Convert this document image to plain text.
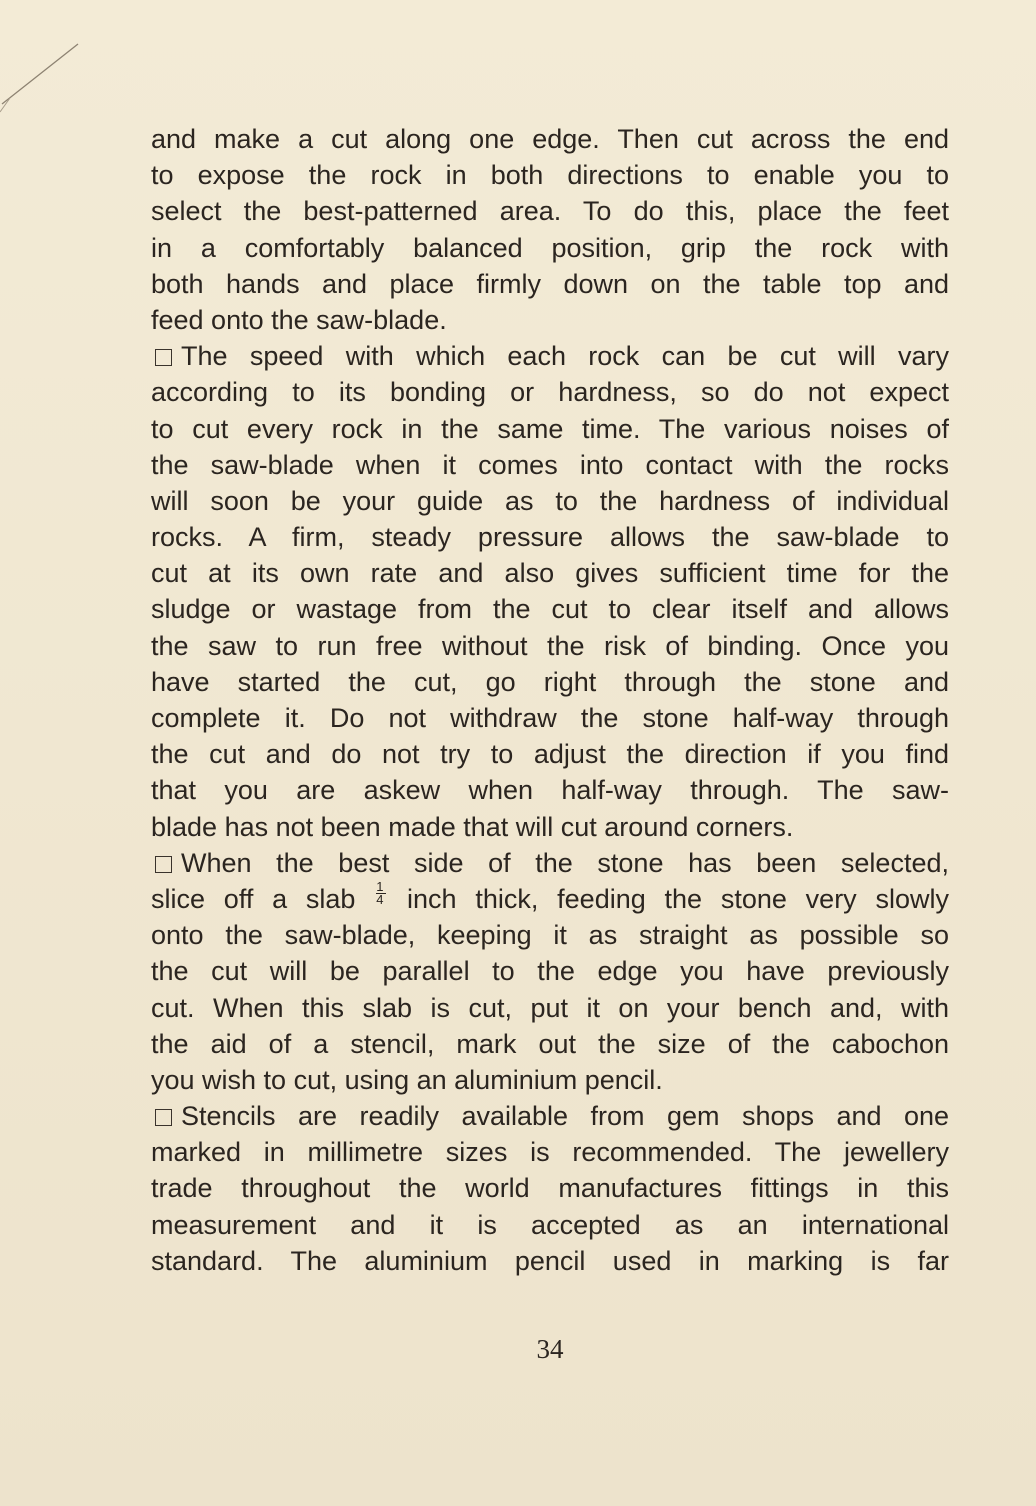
and make a cut along one edge. Then cut across the end
to expose the rock in both directions to enable you to
select the best-patterned area. To do this, place the feet
in a comfortably balanced position, grip the rock with
both hands and place firmly down on the table top and
feed onto the saw-blade.
The speed with which each rock can be cut will vary
according to its bonding or hardness, so do not expect
to cut every rock in the same time. The various noises of
the saw-blade when it comes into contact with the rocks
will soon be your guide as to the hardness of individual
rocks. A firm, steady pressure allows the saw-blade to
cut at its own rate and also gives sufficient time for the
sludge or wastage from the cut to clear itself and allows
the saw to run free without the risk of binding. Once you
have started the cut, go right through the stone and
complete it. Do not withdraw the stone half-way through
the cut and do not try to adjust the direction if you find
that you are askew when half-way through. The saw-
blade has not been made that will cut around corners.
When the best side of the stone has been selected,
slice off a slab $\frac{1}{4}$ inch thick, feeding the stone very slowly
onto the saw-blade, keeping it as straight as possible so
the cut will be parallel to the edge you have previously
cut. When this slab is cut, put it on your bench and, with
the aid of a stencil, mark out the size of the cabochon
you wish to cut, using an aluminium pencil.
Stencils are readily available from gem shops and one
marked in millimetre sizes is recommended. The jewellery
trade throughout the world manufactures fittings in this
measurement and it is accepted as an international
standard. The aluminium pencil used in marking is far
34
